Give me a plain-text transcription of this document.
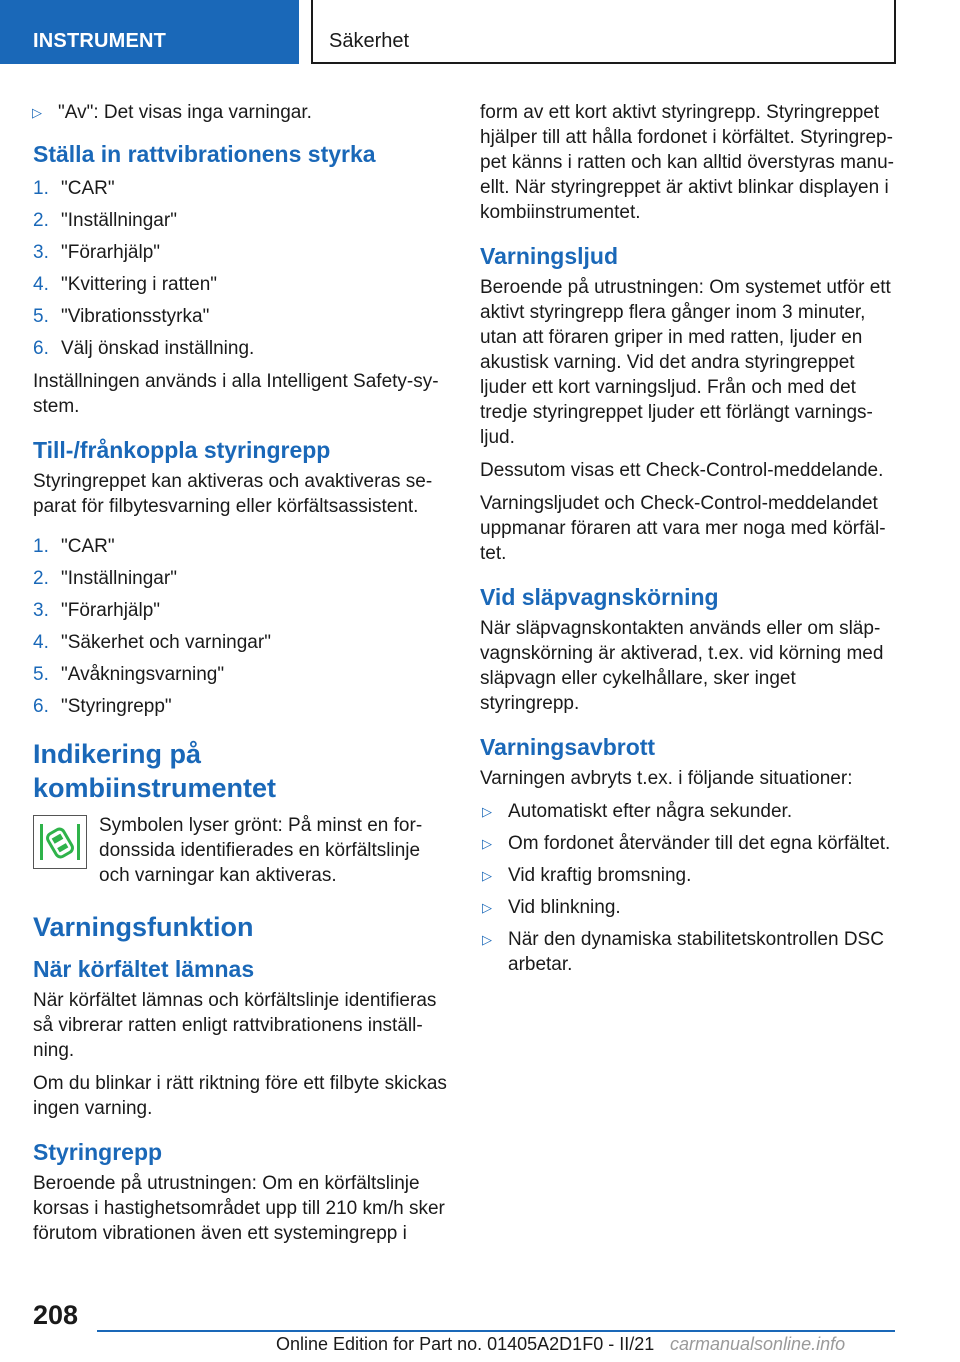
INSTRUMENT	Säkerhet
▷ "Av": Det visas inga varningar.
Ställa in rattvibrationens styrka
1. "CAR"
2. "Inställningar"
3. "Förarhjälp"
4. "Kvittering i ratten"
5. "Vibrationsstyrka"
6. Välj önskad inställning.
Inställningen används i alla Intelligent Safety-system.
Till-/frånkoppla styringrepp
Styringreppet kan aktiveras och avaktiveras separat för filbytesvarning eller körfältsassistent.
1. "CAR"
2. "Inställningar"
3. "Förarhjälp"
4. "Säkerhet och varningar"
5. "Avåkningsvarning"
6. "Styringrepp"
Indikering på kombiinstrumentet
Symbolen lyser grönt: På minst en fordonssida identifierades en körfältslinje och varningar kan aktiveras.
Varningsfunktion
När körfältet lämnas
När körfältet lämnas och körfältslinje identifieras så vibrerar ratten enligt rattvibrationens inställning.
Om du blinkar i rätt riktning före ett filbyte skickas ingen varning.
Styringrepp
Beroende på utrustningen: Om en körfältslinje korsas i hastighetsområdet upp till 210 km/h sker förutom vibrationen även ett systemingrepp i
form av ett kort aktivt styringrepp. Styringreppet hjälper till att hålla fordonet i körfältet. Styringreppet känns i ratten och kan alltid överstyras manuellt. När styringreppet är aktivt blinkar displayen i kombiinstrumentet.
Varningsljud
Beroende på utrustningen: Om systemet utför ett aktivt styringrepp flera gånger inom 3 minuter, utan att föraren griper in med ratten, ljuder en akustisk varning. Vid det andra styringreppet ljuder ett kort varningsljud. Från och med det tredje styringreppet ljuder ett förlängt varningsljud.
Dessutom visas ett Check-Control-meddelande.
Varningsljudet och Check-Control-meddelandet uppmanar föraren att vara mer noga med körfältet.
Vid släpvagnskörning
När släpvagnskontakten används eller om släpvagnskörning är aktiverad, t.ex. vid körning med släpvagn eller cykelhållare, sker inget styringrepp.
Varningsavbrott
Varningen avbryts t.ex. i följande situationer:
▷ Automatiskt efter några sekunder.
▷ Om fordonet återvänder till det egna körfältet.
▷ Vid kraftig bromsning.
▷ Vid blinkning.
▷ När den dynamiska stabilitetskontrollen DSC arbetar.
208
Online Edition for Part no. 01405A2D1F0 - II/21 carmanualsonline.info
